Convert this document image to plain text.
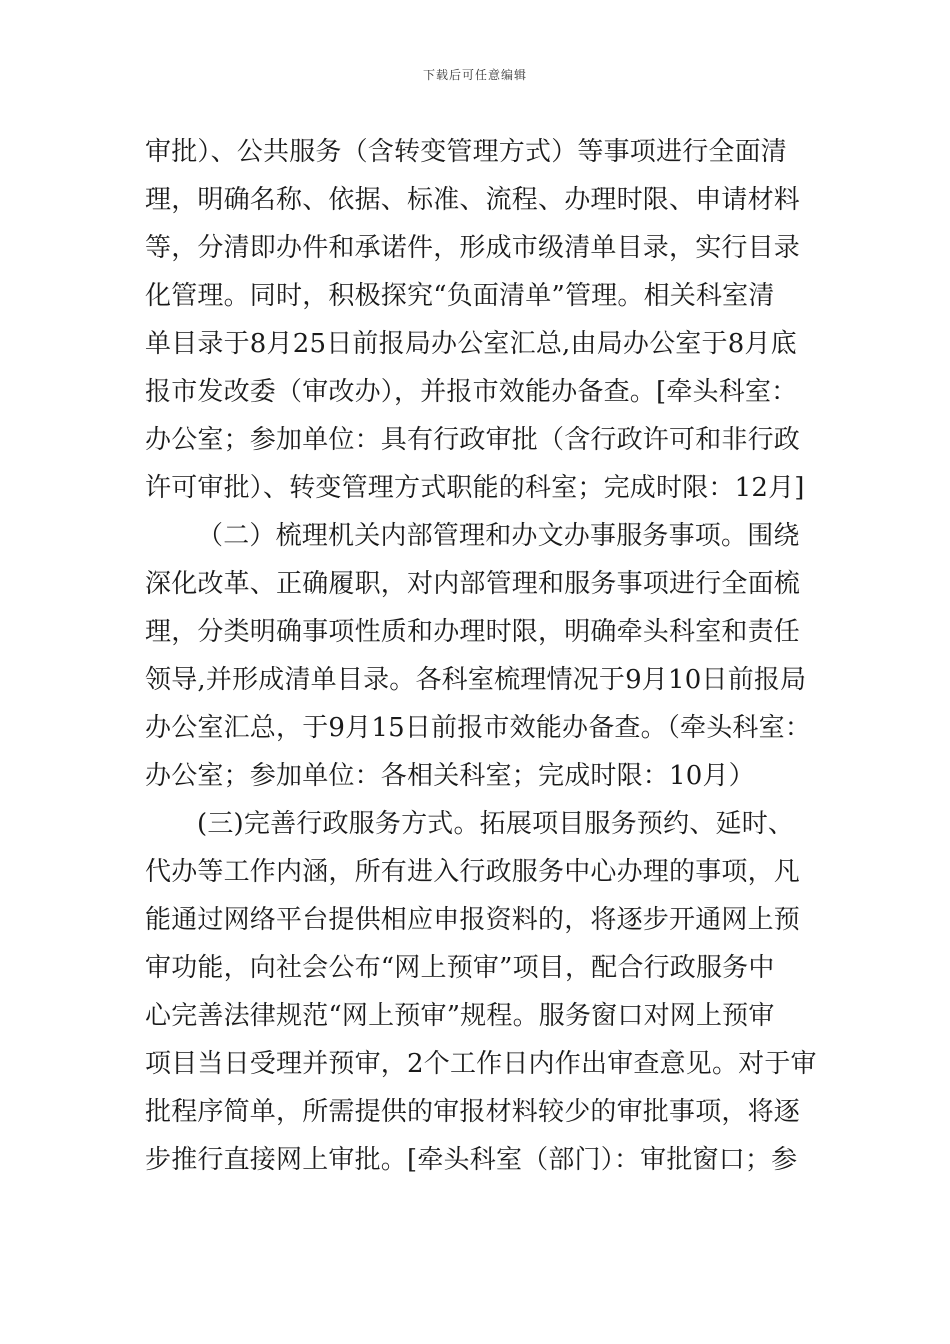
下载后可任意编辑
审批）、公共服务（含转变管理方式）等事项进行全面清
理，明确名称、依据、标准、流程、办理时限、申请材料
等，分清即办件和承诺件，形成市级清单目录，实行目录
化管理。同时，积极探究“负面清单”管理。相关科室清
单目录于8月25日前报局办公室汇总,由局办公室于8月底
报市发改委（审改办），并报市效能办备查。[牵头科室：
办公室；参加单位：具有行政审批（含行政许可和非行政
许可审批）、转变管理方式职能的科室；完成时限：12月]
（二）梳理机关内部管理和办文办事服务事项。围绕
深化改革、正确履职，对内部管理和服务事项进行全面梳
理，分类明确事项性质和办理时限，明确牵头科室和责任
领导,并形成清单目录。各科室梳理情况于9月10日前报局
办公室汇总，于9月15日前报市效能办备查。（牵头科室：
办公室；参加单位：各相关科室；完成时限：10月）
(三)完善行政服务方式。拓展项目服务预约、延时、
代办等工作内涵，所有进入行政服务中心办理的事项，凡
能通过网络平台提供相应申报资料的，将逐步开通网上预
审功能，向社会公布“网上预审”项目，配合行政服务中
心完善法律规范“网上预审”规程。服务窗口对网上预审
项目当日受理并预审，2个工作日内作出审查意见。对于审
批程序简单，所需提供的审报材料较少的审批事项，将逐
步推行直接网上审批。[牵头科室（部门）：审批窗口；参
